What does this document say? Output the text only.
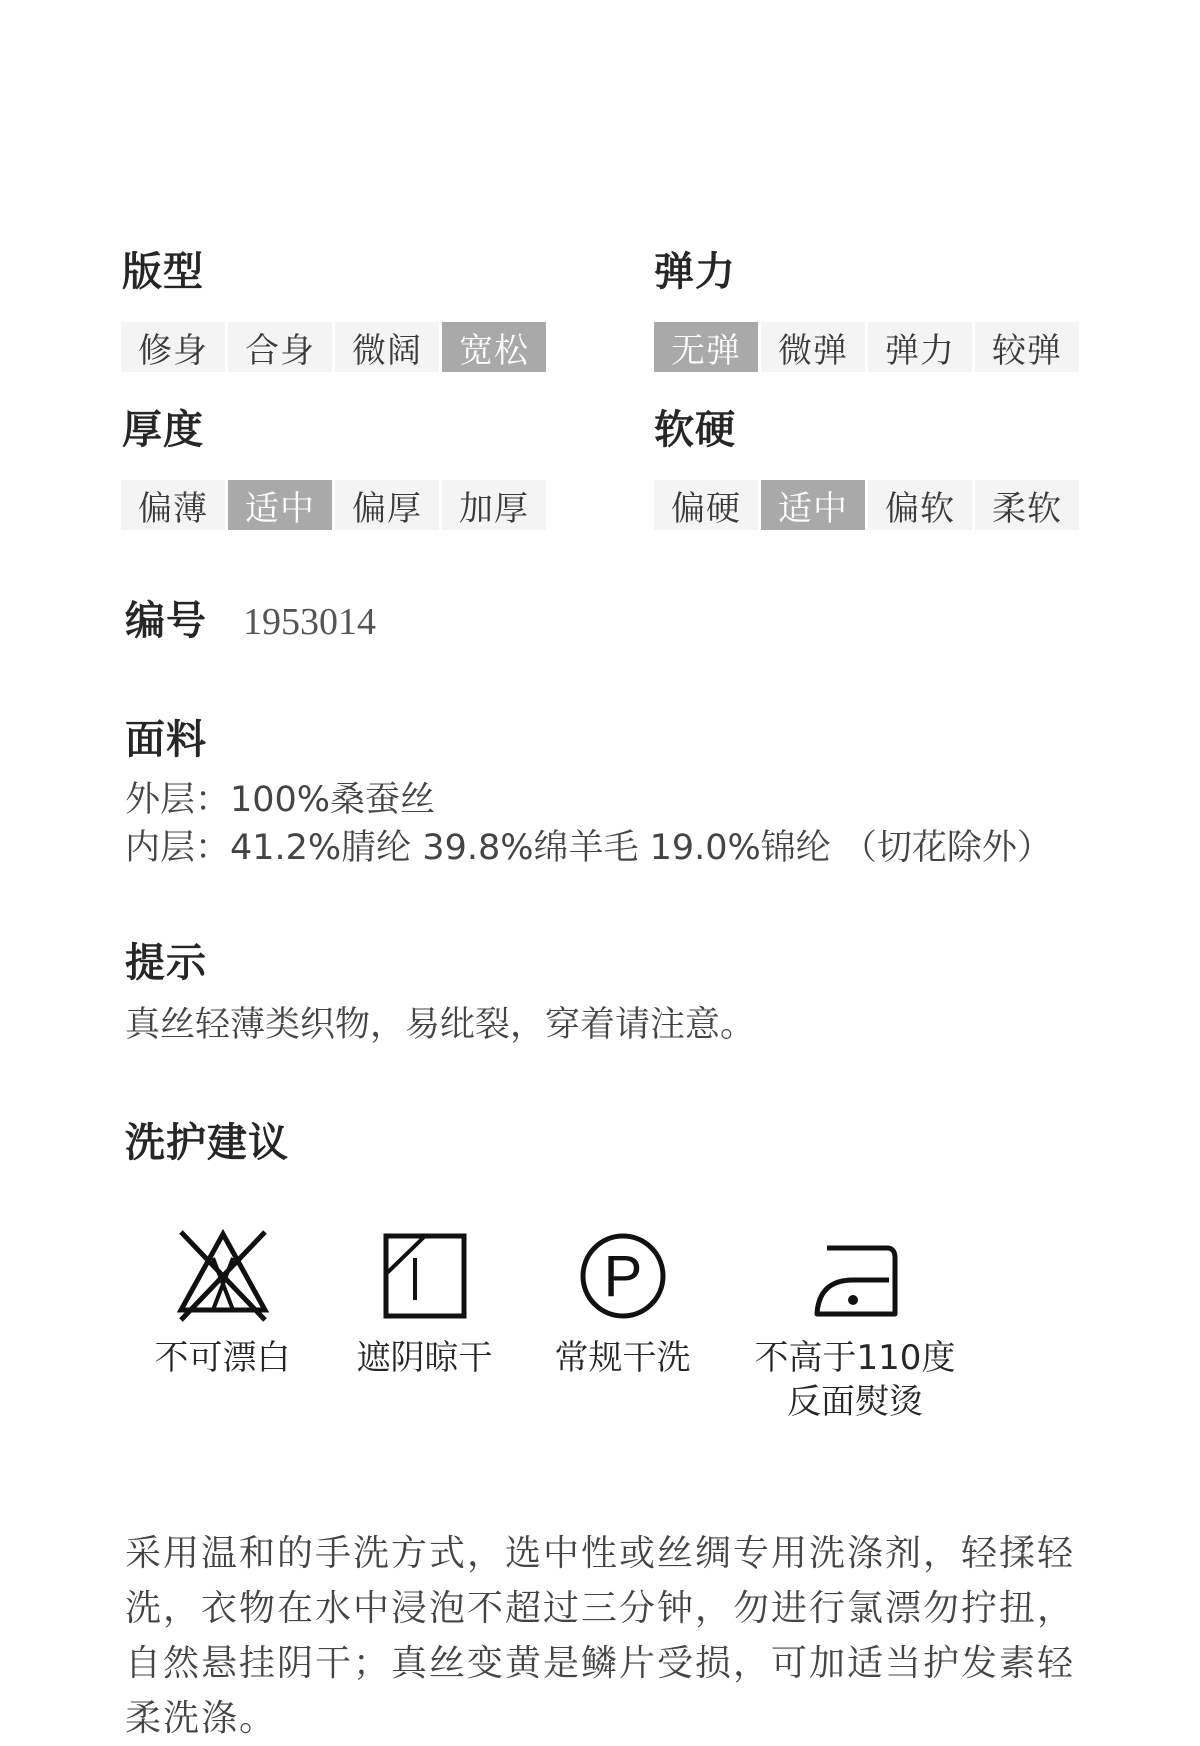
版型
修身	合身	微阔	宽松
弹力
无弹	微弹	弹力	较弹
厚度
偏薄	适中	偏厚	加厚
软硬
偏硬	适中	偏软	柔软
编号 1953014
面料
外层：100%桑蚕丝
内层：41.2%腈纶 39.8%绵羊毛 19.0%锦纶 （切花除外）
提示
真丝轻薄类织物，易纰裂，穿着请注意。
洗护建议
不可漂白	遮阴晾干
P
常规干洗	不高于110度
反面熨烫
采用温和的手洗方式，选中性或丝绸专用洗涤剂，轻揉轻洗，衣物在水中浸泡不超过三分钟，勿进行氯漂勿拧扭，自然悬挂阴干；真丝变黄是鳞片受损，可加适当护发素轻柔洗涤。
